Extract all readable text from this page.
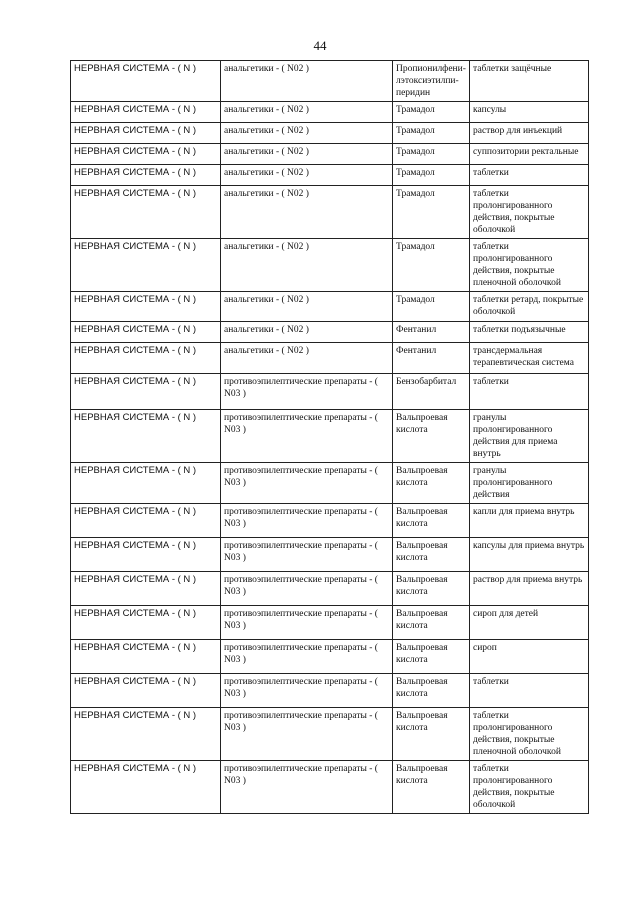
44
НЕРВНАЯ СИСТЕМА - ( N )	анальгетики - ( N02 )	Пропионилфени-лэтоксиэтилпи-перидин	таблетки защёчные
НЕРВНАЯ СИСТЕМА - ( N )	анальгетики - ( N02 )	Трамадол	капсулы
НЕРВНАЯ СИСТЕМА - ( N )	анальгетики - ( N02 )	Трамадол	раствор для инъекций
НЕРВНАЯ СИСТЕМА - ( N )	анальгетики - ( N02 )	Трамадол	суппозитории ректальные
НЕРВНАЯ СИСТЕМА - ( N )	анальгетики - ( N02 )	Трамадол	таблетки
НЕРВНАЯ СИСТЕМА - ( N )	анальгетики - ( N02 )	Трамадол	таблетки пролонгированного действия, покрытые оболочкой
НЕРВНАЯ СИСТЕМА - ( N )	анальгетики - ( N02 )	Трамадол	таблетки пролонгированного действия, покрытые пленочной оболочкой
НЕРВНАЯ СИСТЕМА - ( N )	анальгетики - ( N02 )	Трамадол	таблетки ретард, покрытые оболочкой
НЕРВНАЯ СИСТЕМА - ( N )	анальгетики - ( N02 )	Фентанил	таблетки подъязычные
НЕРВНАЯ СИСТЕМА - ( N )	анальгетики - ( N02 )	Фентанил	трансдермальная терапевтическая система
НЕРВНАЯ СИСТЕМА - ( N )	противоэпилептические препараты - ( N03 )	Бензобарбитал	таблетки
НЕРВНАЯ СИСТЕМА - ( N )	противоэпилептические препараты - ( N03 )	Вальпроевая кислота	гранулы пролонгированного действия для приема внутрь
НЕРВНАЯ СИСТЕМА - ( N )	противоэпилептические препараты - ( N03 )	Вальпроевая кислота	гранулы пролонгированного действия
НЕРВНАЯ СИСТЕМА - ( N )	противоэпилептические препараты - ( N03 )	Вальпроевая кислота	капли для приема внутрь
НЕРВНАЯ СИСТЕМА - ( N )	противоэпилептические препараты - ( N03 )	Вальпроевая кислота	капсулы для приема внутрь
НЕРВНАЯ СИСТЕМА - ( N )	противоэпилептические препараты - ( N03 )	Вальпроевая кислота	раствор для приема внутрь
НЕРВНАЯ СИСТЕМА - ( N )	противоэпилептические препараты - ( N03 )	Вальпроевая кислота	сироп для детей
НЕРВНАЯ СИСТЕМА - ( N )	противоэпилептические препараты - ( N03 )	Вальпроевая кислота	сироп
НЕРВНАЯ СИСТЕМА - ( N )	противоэпилептические препараты - ( N03 )	Вальпроевая кислота	таблетки
НЕРВНАЯ СИСТЕМА - ( N )	противоэпилептические препараты - ( N03 )	Вальпроевая кислота	таблетки пролонгированного действия, покрытые пленочной оболочкой
НЕРВНАЯ СИСТЕМА - ( N )	противоэпилептические препараты - ( N03 )	Вальпроевая кислота	таблетки пролонгированного действия, покрытые оболочкой
